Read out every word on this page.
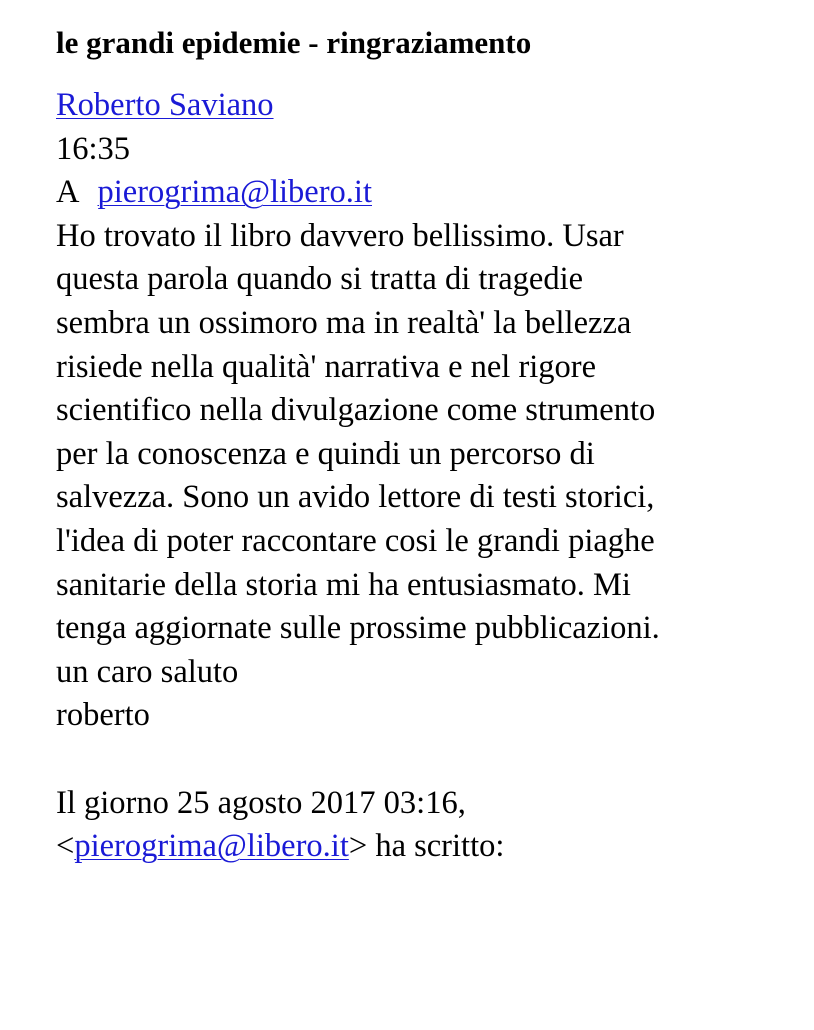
le grandi epidemie - ringraziamento
Roberto Saviano
16:35
A pierogrima@libero.it
Ho trovato il libro davvero bellissimo. Usar
questa parola quando si tratta di tragedie
sembra un ossimoro ma in realtà' la bellezza
risiede nella qualità' narrativa e nel rigore
scientifico nella divulgazione come strumento
per la conoscenza e quindi un percorso di
salvezza. Sono un avido lettore di testi storici,
l'idea di poter raccontare cosi le grandi piaghe
sanitarie della storia mi ha entusiasmato. Mi
tenga aggiornate sulle prossime pubblicazioni.
un caro saluto
roberto
Il giorno 25 agosto 2017 03:16,
<pierogrima@libero.it> ha scritto:
